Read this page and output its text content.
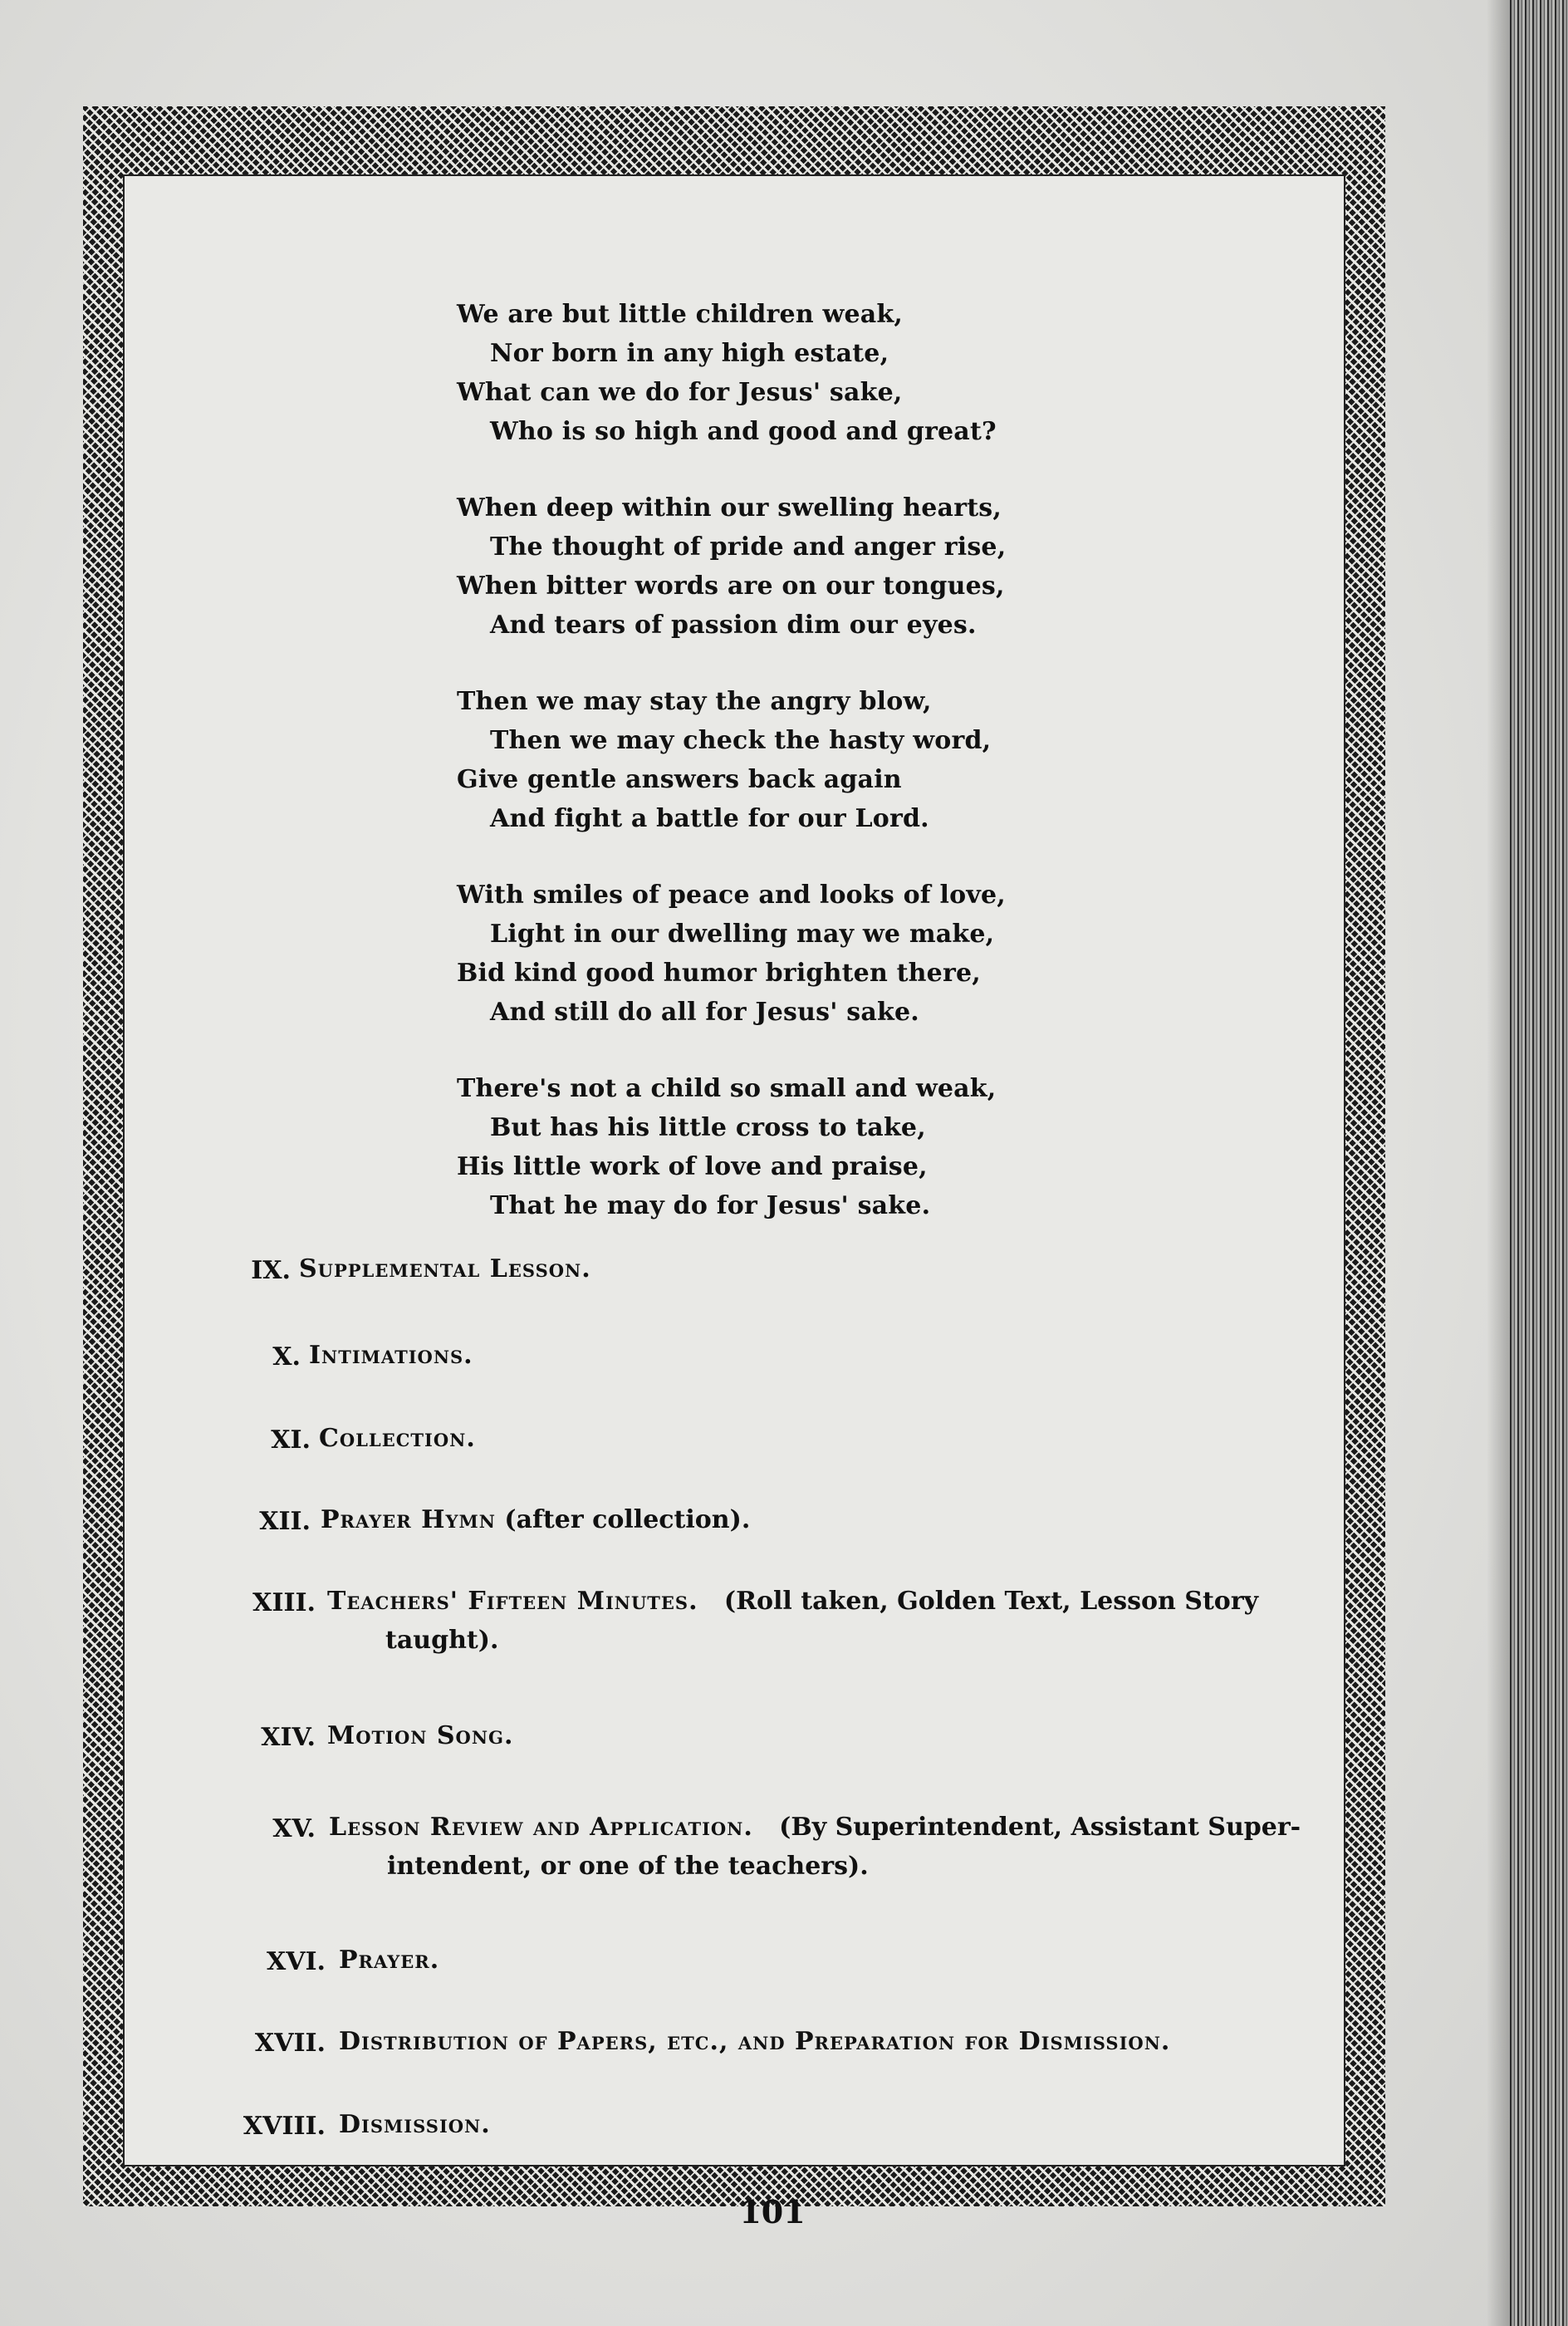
We are but little children weak,
Nor born in any high estate,
What can we do for Jesus' sake,
Who is so high and good and great?
When deep within our swelling hearts,
The thought of pride and anger rise,
When bitter words are on our tongues,
And tears of passion dim our eyes.
Then we may stay the angry blow,
Then we may check the hasty word,
Give gentle answers back again
And fight a battle for our Lord.
With smiles of peace and looks of love,
Light in our dwelling may we make,
Bid kind good humor brighten there,
And still do all for Jesus' sake.
There's not a child so small and weak,
But has his little cross to take,
His little work of love and praise,
That he may do for Jesus' sake.
IX. Supplemental Lesson.
X. Intimations.
XI. Collection.
XII. Prayer Hymn (after collection).
XIII. Teachers' Fifteen Minutes. (Roll taken, Golden Text, Lesson Story
taught).
XIV. Motion Song.
XV. Lesson Review and Application. (By Superintendent, Assistant Super-
intendent, or one of the teachers).
XVI. Prayer.
XVII. Distribution of Papers, etc., and Preparation for Dismission.
XVIII. Dismission.
101
